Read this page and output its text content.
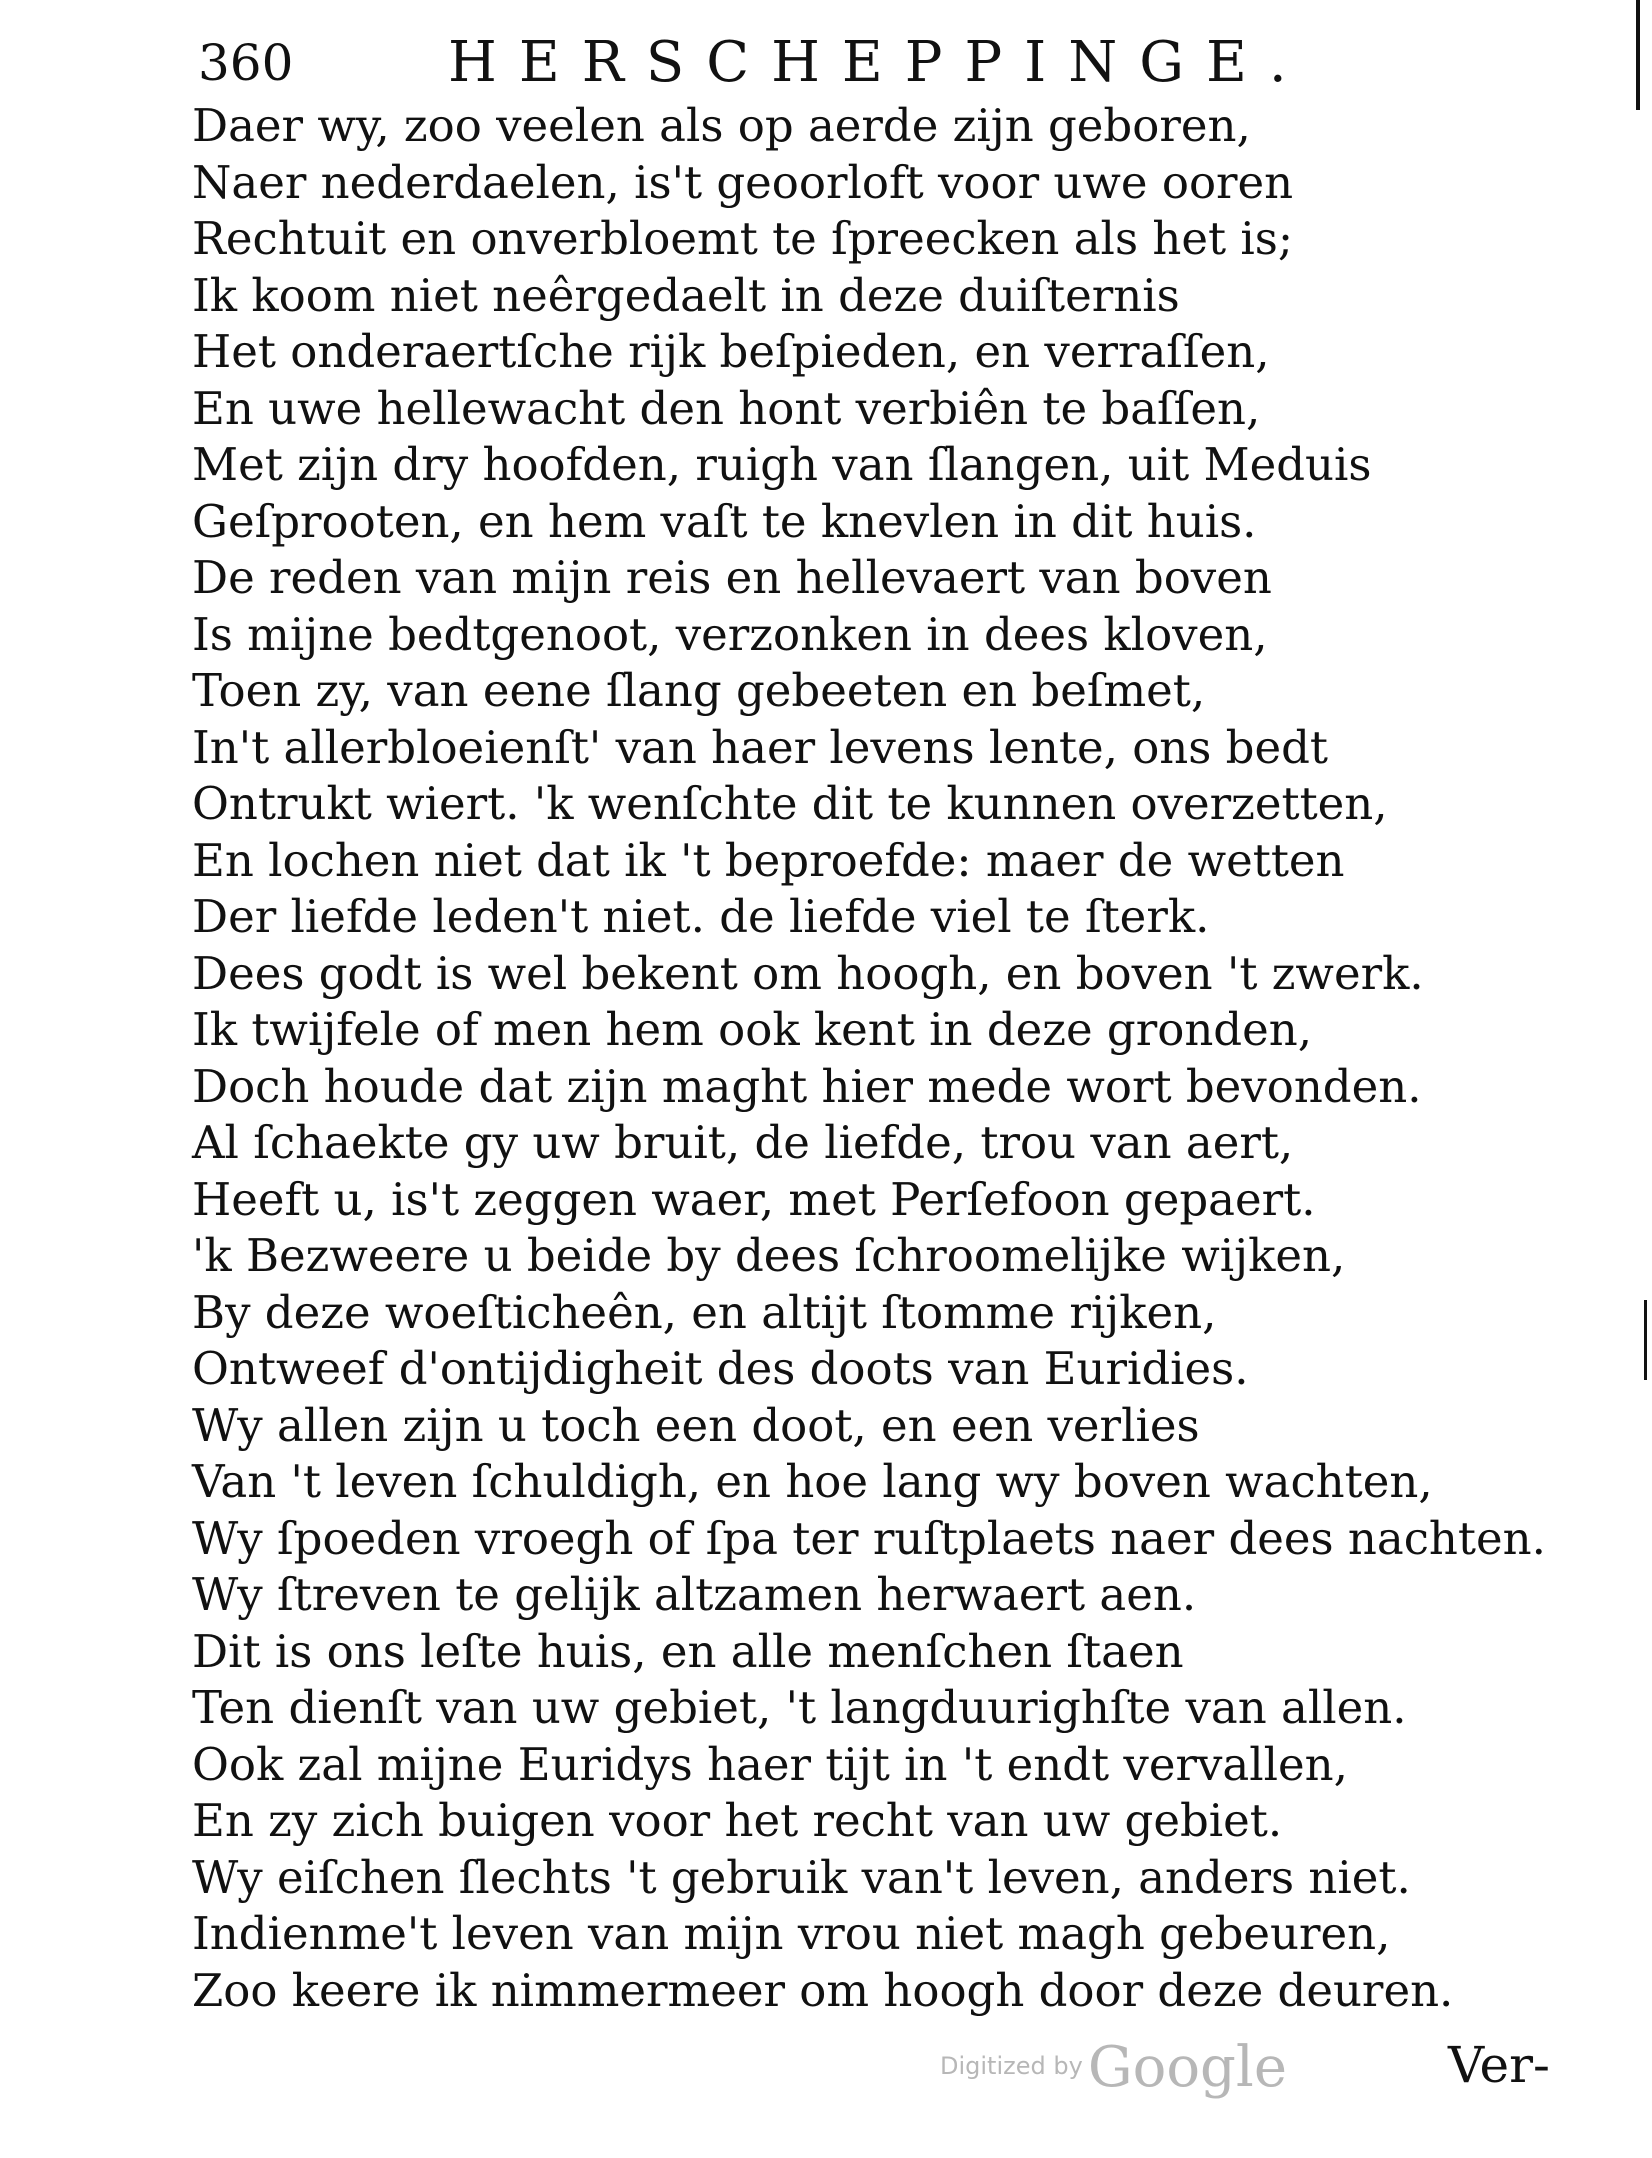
360	HERSCHEPPINGE.
Daer wy, zoo veelen als op aerde zijn geboren,
Naer nederdaelen, is't geoorloft voor uwe ooren
Rechtuit en onverbloemt te ſpreecken als het is;
Ik koom niet neêrgedaelt in deze duiſternis
Het onderaertſche rijk beſpieden, en verraſſen,
En uwe hellewacht den hont verbiên te baſſen,
Met zijn dry hoofden, ruigh van ſlangen, uit Meduis
Geſprooten, en hem vaſt te knevlen in dit huis.
De reden van mijn reis en hellevaert van boven
Is mijne bedtgenoot, verzonken in dees kloven,
Toen zy, van eene ſlang gebeeten en beſmet,
In't allerbloeienſt' van haer levens lente, ons bedt
Ontrukt wiert. 'k wenſchte dit te kunnen overzetten,
En lochen niet dat ik 't beproefde: maer de wetten
Der liefde leden't niet. de liefde viel te ſterk.
Dees godt is wel bekent om hoogh, en boven 't zwerk.
Ik twijfele of men hem ook kent in deze gronden,
Doch houde dat zijn maght hier mede wort bevonden.
Al ſchaekte gy uw bruit, de liefde, trou van aert,
Heeft u, is't zeggen waer, met Perſefoon gepaert.
'k Bezweere u beide by dees ſchroomelijke wijken,
By deze woeſticheên, en altijt ſtomme rijken,
Ontweef d'ontijdigheit des doots van Euridies.
Wy allen zijn u toch een doot, en een verlies
Van 't leven ſchuldigh, en hoe lang wy boven wachten,
Wy ſpoeden vroegh of ſpa ter ruſtplaets naer dees nachten.
Wy ſtreven te gelijk altzamen herwaert aen.
Dit is ons leſte huis, en alle menſchen ſtaen
Ten dienſt van uw gebiet, 't langduurighſte van allen.
Ook zal mijne Euridys haer tijt in 't endt vervallen,
En zy zich buigen voor het recht van uw gebiet.
Wy eiſchen ſlechts 't gebruik van't leven, anders niet.
Indienme't leven van mijn vrou niet magh gebeuren,
Zoo keere ik nimmermeer om hoogh door deze deuren.
Digitized by Google	Ver-
